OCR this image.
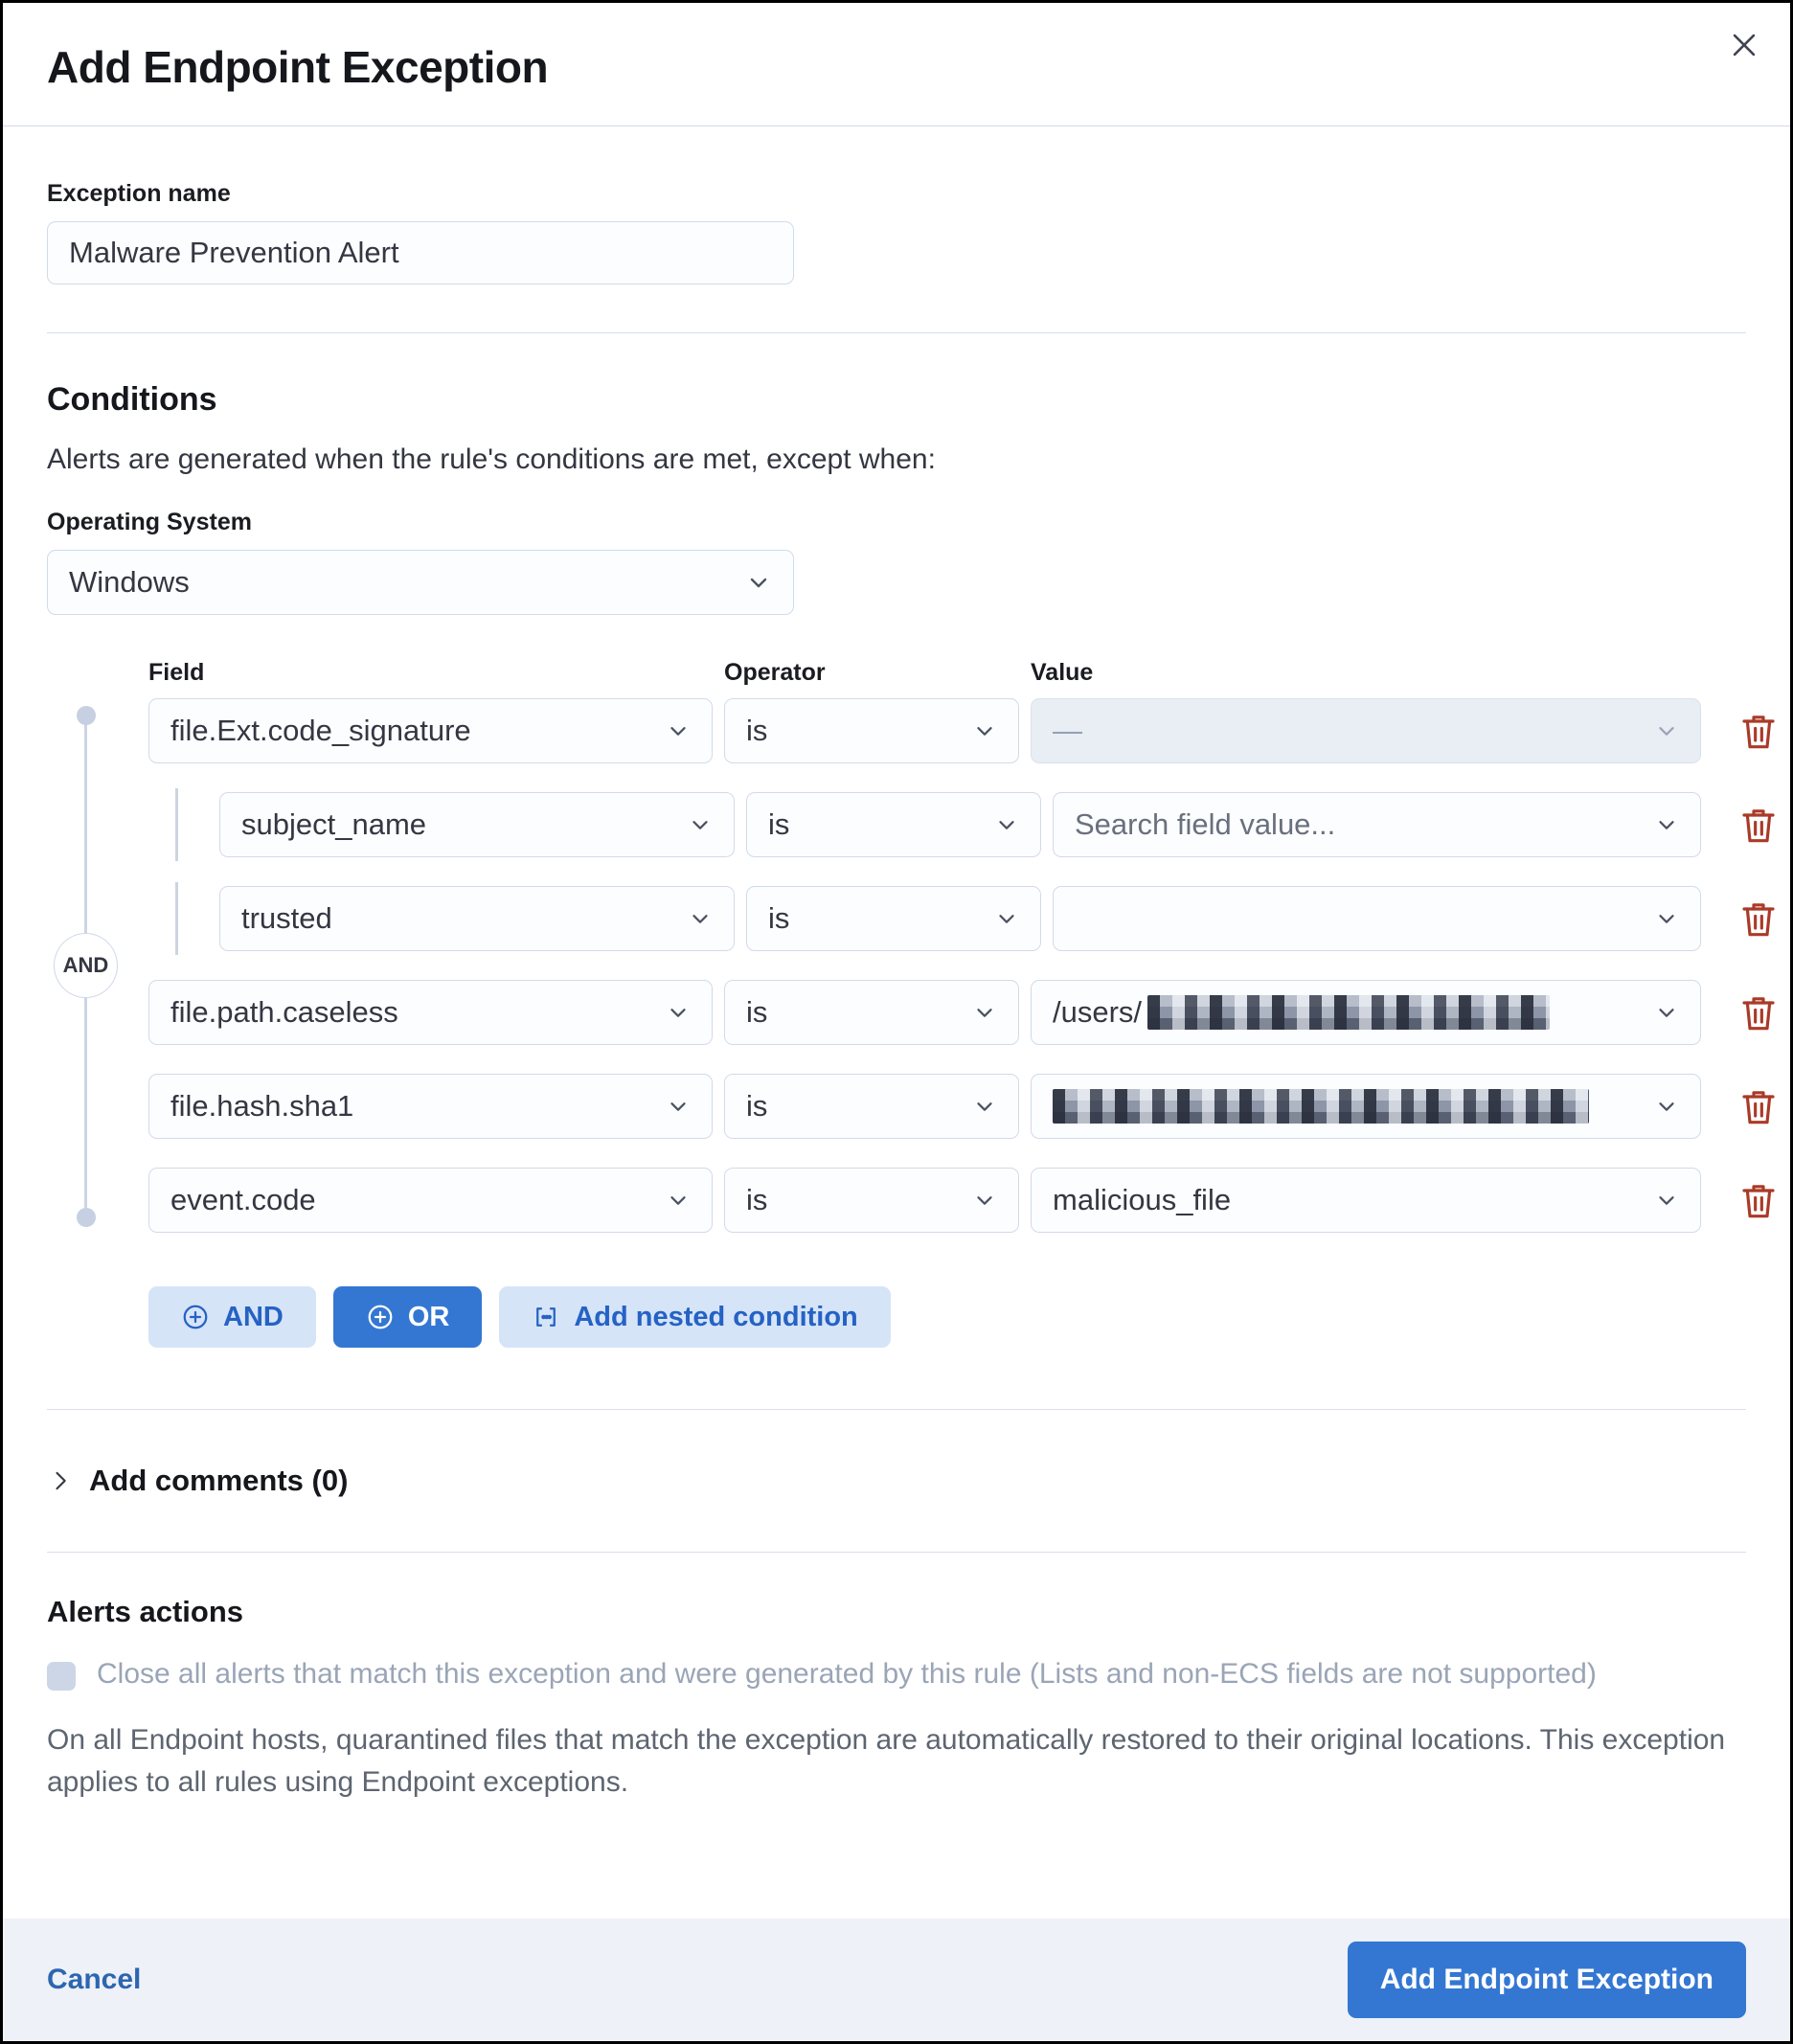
Add Endpoint Exception
Exception name
Malware Prevention Alert
Conditions
Alerts are generated when the rule's conditions are met, except when:
Operating System
Windows
Field	Operator	Value
AND
file.Ext.code_signature	is	—
subject_name	is	Search field value...
trusted	is
file.path.caseless	is	/users/
file.hash.sha1	is
event.code	is	malicious_file
AND	OR	Add nested condition
Add comments (0)
Alerts actions
Close all alerts that match this exception and were generated by this rule (Lists and non-ECS fields are not supported)
On all Endpoint hosts, quarantined files that match the exception are automatically restored to their original locations. This exception applies to all rules using Endpoint exceptions.
Cancel	Add Endpoint Exception
